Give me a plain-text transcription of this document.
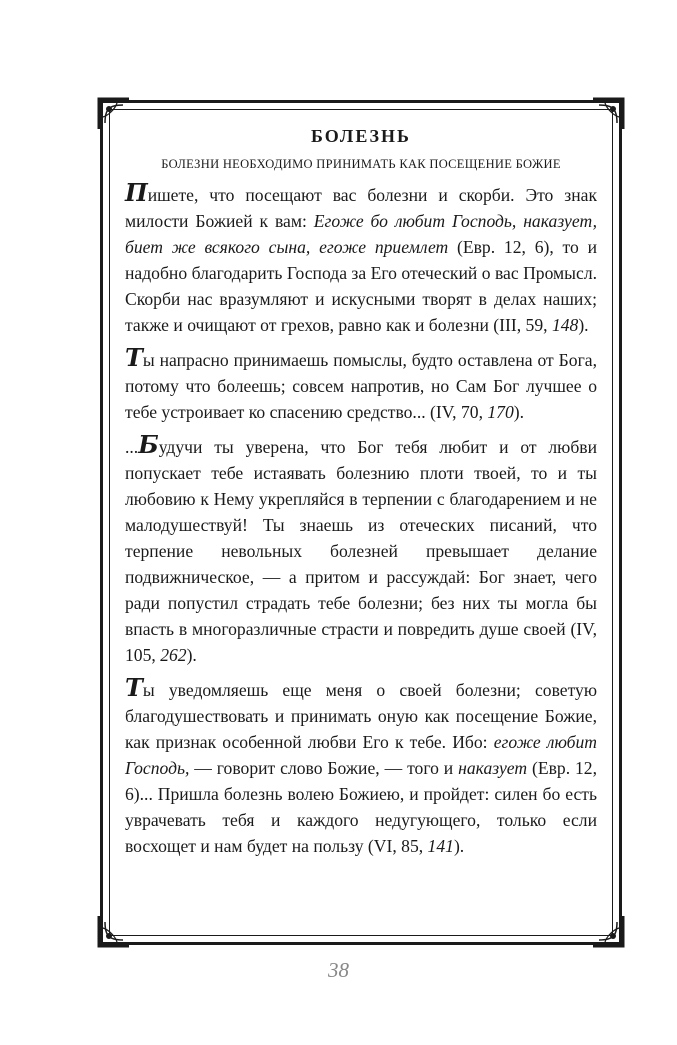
БОЛЕЗНЬ
БОЛЕЗНИ НЕОБХОДИМО ПРИНИМАТЬ КАК ПОСЕЩЕНИЕ БОЖИЕ

Пишете, что посещают вас болезни и скорби. Это знак милости Божией к вам: Егоже бо любит Господь, наказует, биет же всякого сына, егоже приемлет (Евр. 12, 6), то и надобно благодарить Господа за Его отеческий о вас Промысл. Скорби нас вразумляют и искусными творят в делах наших; также и очищают от грехов, равно как и болезни (III, 59, 148).

Ты напрасно принимаешь помыслы, будто оставлена от Бога, потому что болеешь; совсем напротив, но Сам Бог лучшее о тебе устроивает ко спасению средство... (IV, 70, 170).

...Будучи ты уверена, что Бог тебя любит и от любви попускает тебе истаявать болезнию плоти твоей, то и ты любовию к Нему укрепляйся в терпении с благодарением и не малодушествуй! Ты знаешь из отеческих писаний, что терпение невольных болезней превышает делание подвижническое, — а притом и рассуждай: Бог знает, чего ради попустил страдать тебе болезни; без них ты могла бы впасть в многоразличные страсти и повредить душе своей (IV, 105, 262).

Ты уведомляешь еще меня о своей болезни; советую благодушествовать и принимать оную как посещение Божие, как признак особенной любви Его к тебе. Ибо: егоже любит Господь, — говорит слово Божие, — того и наказует (Евр. 12, 6)... Пришла болезнь волею Божиею, и пройдет: силен бо есть уврачевать тебя и каждого недугующего, только если восхощет и нам будет на пользу (VI, 85, 141).

38
